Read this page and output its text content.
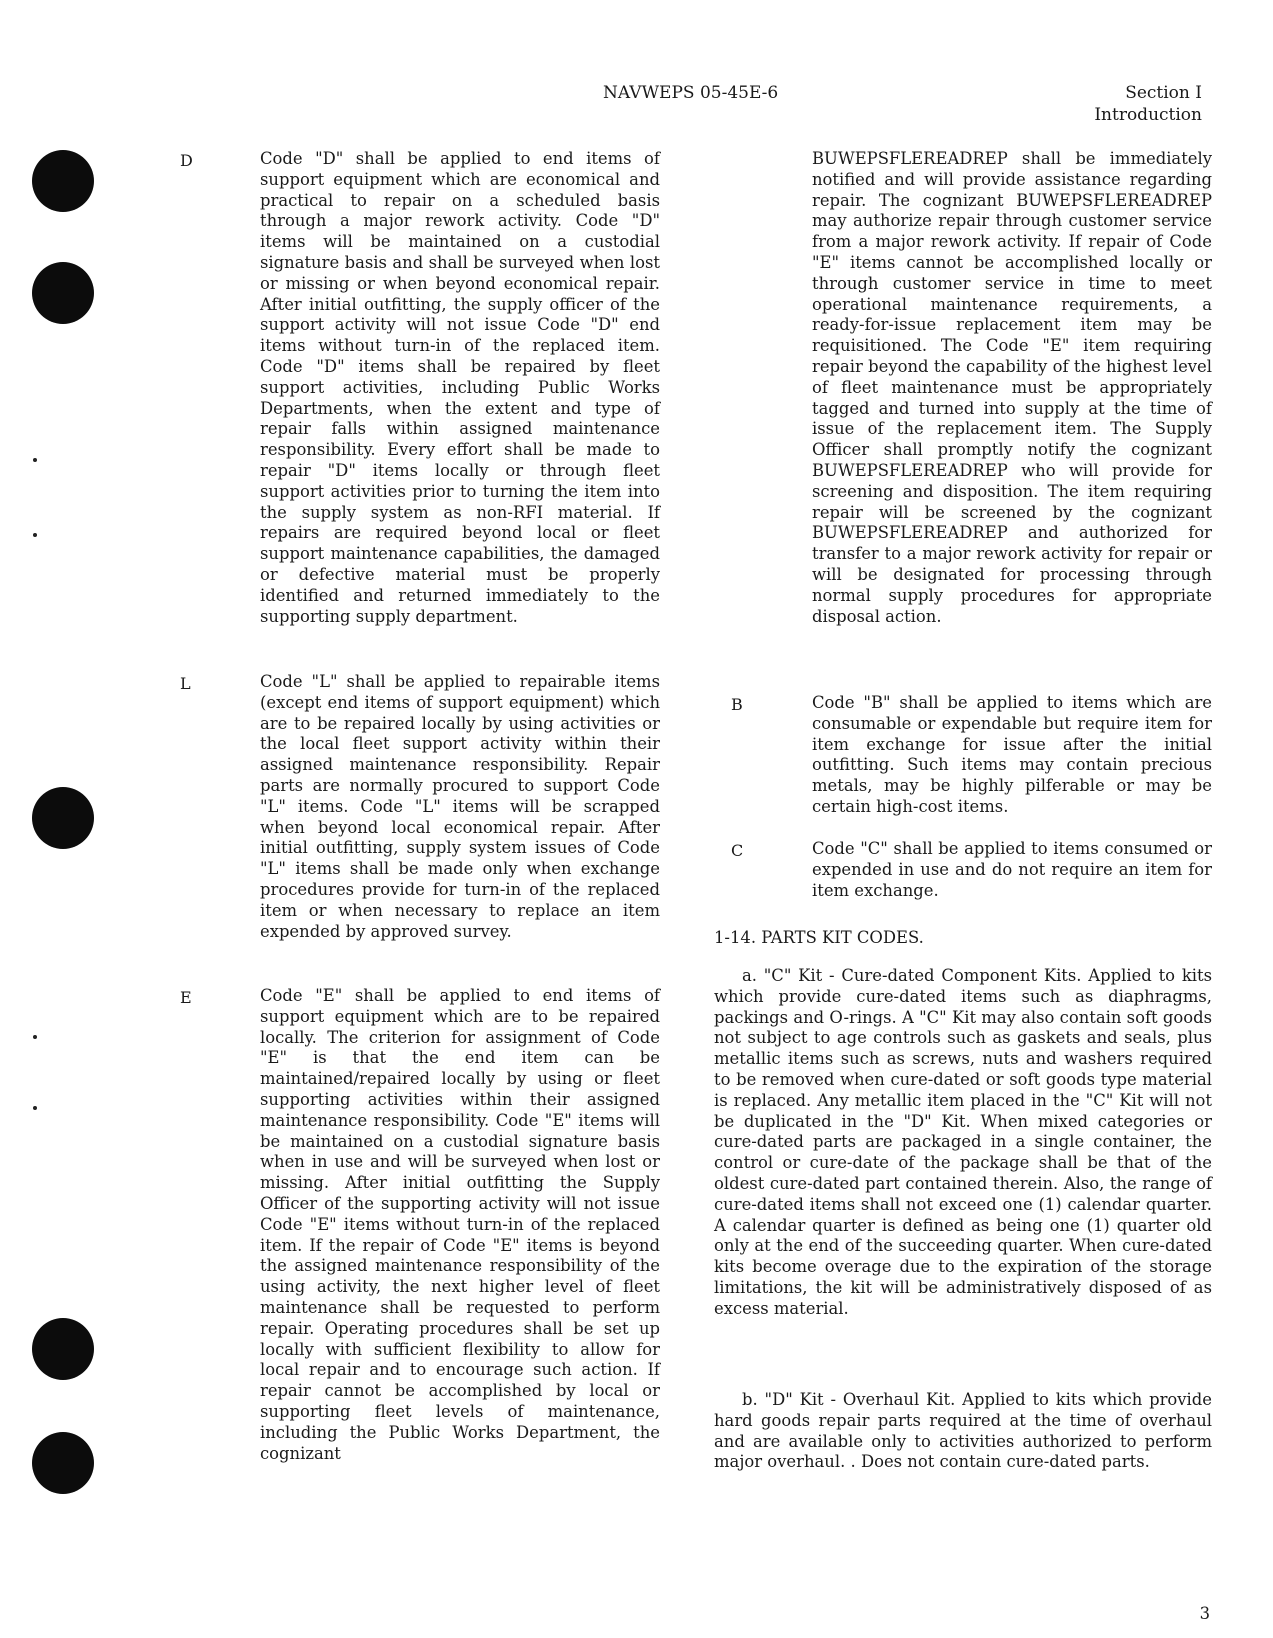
NAVWEPS 05-45E-6	Section I
Introduction
D	Code "D" shall be applied to end items of support equipment which are economical and practical to repair on a scheduled basis through a major rework activity. Code "D" items will be maintained on a custodial signature basis and shall be surveyed when lost or missing or when beyond economical repair. After initial outfitting, the supply officer of the support activity will not issue Code "D" end items without turn-in of the replaced item. Code "D" items shall be repaired by fleet support activities, including Public Works Departments, when the extent and type of repair falls within assigned maintenance responsibility. Every effort shall be made to repair "D" items locally or through fleet support activities prior to turning the item into the supply system as non-RFI material. If repairs are required beyond local or fleet support maintenance capabilities, the damaged or defective material must be properly identified and returned immediately to the supporting supply department.

L	Code "L" shall be applied to repairable items (except end items of support equipment) which are to be repaired locally by using activities or the local fleet support activity within their assigned maintenance responsibility. Repair parts are normally procured to support Code "L" items. Code "L" items will be scrapped when beyond local economical repair. After initial outfitting, supply system issues of Code "L" items shall be made only when exchange procedures provide for turn-in of the replaced item or when necessary to replace an item expended by approved survey.

E	Code "E" shall be applied to end items of support equipment which are to be repaired locally. The criterion for assignment of Code "E" is that the end item can be maintained/repaired locally by using or fleet supporting activities within their assigned maintenance responsibility. Code "E" items will be maintained on a custodial signature basis when in use and will be surveyed when lost or missing. After initial outfitting the Supply Officer of the supporting activity will not issue Code "E" items without turn-in of the replaced item. If the repair of Code "E" items is beyond the assigned maintenance responsibility of the using activity, the next higher level of fleet maintenance shall be requested to perform repair. Operating procedures shall be set up locally with sufficient flexibility to allow for local repair and to encourage such action. If repair cannot be accomplished by local or supporting fleet levels of maintenance, including the Public Works Department, the cognizant

BUWEPSFLEREADREP shall be immediately notified and will provide assistance regarding repair. The cognizant BUWEPSFLEREADREP may authorize repair through customer service from a major rework activity. If repair of Code "E" items cannot be accomplished locally or through customer service in time to meet operational maintenance requirements, a ready-for-issue replacement item may be requisitioned. The Code "E" item requiring repair beyond the capability of the highest level of fleet maintenance must be appropriately tagged and turned into supply at the time of issue of the replacement item. The Supply Officer shall promptly notify the cognizant BUWEPSFLEREADREP who will provide for screening and disposition. The item requiring repair will be screened by the cognizant BUWEPSFLEREADREP and authorized for transfer to a major rework activity for repair or will be designated for processing through normal supply procedures for appropriate disposal action.

B	Code "B" shall be applied to items which are consumable or expendable but require item for item exchange for issue after the initial outfitting. Such items may contain precious metals, may be highly pilferable or may be certain high-cost items.

C	Code "C" shall be applied to items consumed or expended in use and do not require an item for item exchange.

1-14. PARTS KIT CODES.

a. "C" Kit - Cure-dated Component Kits. Applied to kits which provide cure-dated items such as diaphragms, packings and O-rings. A "C" Kit may also contain soft goods not subject to age controls such as gaskets and seals, plus metallic items such as screws, nuts and washers required to be removed when cure-dated or soft goods type material is replaced. Any metallic item placed in the "C" Kit will not be duplicated in the "D" Kit. When mixed categories or cure-dated parts are packaged in a single container, the control or cure-date of the package shall be that of the oldest cure-dated part contained therein. Also, the range of cure-dated items shall not exceed one (1) calendar quarter. A calendar quarter is defined as being one (1) quarter old only at the end of the succeeding quarter. When cure-dated kits become overage due to the expiration of the storage limitations, the kit will be administratively disposed of as excess material.

b. "D" Kit - Overhaul Kit. Applied to kits which provide hard goods repair parts required at the time of overhaul and are available only to activities authorized to perform major overhaul. . Does not contain cure-dated parts.

3
